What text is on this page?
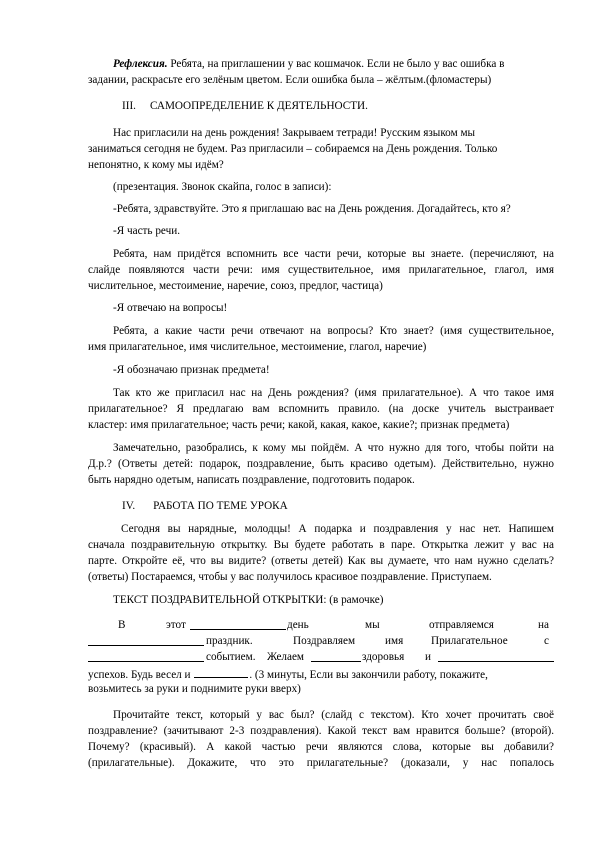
Рефлексия. Ребята, на приглашении у вас кошмачок. Если не было у вас ошибка в
задании, раскрасьте его зелёным цветом. Если ошибка была – жёлтым.(фломастеры)
III. САМООПРЕДЕЛЕНИЕ К ДЕЯТЕЛЬНОСТИ.
Нас пригласили на день рождения! Закрываем тетради! Русским языком мы
заниматься сегодня не будем. Раз пригласили – собираемся на День рождения. Только
непонятно, к кому мы идём?
(презентация. Звонок скайпа, голос в записи):
-Ребята, здравствуйте. Это я приглашаю вас на День рождения. Догадайтесь, кто я?
-Я часть речи.
Ребята, нам придётся вспомнить все части речи, которые вы знаете. (перечисляют, на
слайде появляются части речи: имя существительное, имя прилагательное, глагол, имя
числительное, местоимение, наречие, союз, предлог, частица)
-Я отвечаю на вопросы!
Ребята, а какие части речи отвечают на вопросы? Кто знает? (имя существительное,
имя прилагательное, имя числительное, местоимение, глагол, наречие)
-Я обозначаю признак предмета!
Так кто же пригласил нас на День рождения? (имя прилагательное). А что такое имя
прилагательное? Я предлагаю вам вспомнить правило. (на доске учитель выстраивает
кластер: имя прилагательное; часть речи; какой, какая, какое, какие?; признак предмета)
Замечательно, разобрались, к кому мы пойдём. А что нужно для того, чтобы пойти на
Д.р.? (Ответы детей: подарок, поздравление, быть красиво одетым). Действительно, нужно
быть нарядно одетым, написать поздравление, подготовить подарок.
IV. РАБОТА ПО ТЕМЕ УРОКА
Сегодня вы нарядные, молодцы! А подарка и поздравления у нас нет. Напишем
сначала поздравительную открытку. Вы будете работать в паре. Открытка лежит у вас на
парте. Откройте её, что вы видите? (ответы детей) Как вы думаете, что нам нужно сделать?
(ответы) Постараемся, чтобы у вас получилось красивое поздравление. Приступаем.
ТЕКСТ ПОЗДРАВИТЕЛЬНОЙ ОТКРЫТКИ: (в рамочке)
В	этот	день	мы	отправляемся	на
праздник.	Поздравляем	имя Прилагательное	с
событием. Желаем	здоровья и
успехов. Будь весел и	. (3 минуты, Если вы закончили работу, покажите,
возьмитесь за руки и поднимите руки вверх)
Прочитайте текст, который у вас был? (слайд с текстом). Кто хочет прочитать своё
поздравление? (зачитывают 2-3 поздравления). Какой текст вам нравится больше? (второй).
Почему? (красивый). А какой частью речи являются слова, которые вы добавили?
(прилагательные). Докажите, что это прилагательные? (доказали, у нас попалось
